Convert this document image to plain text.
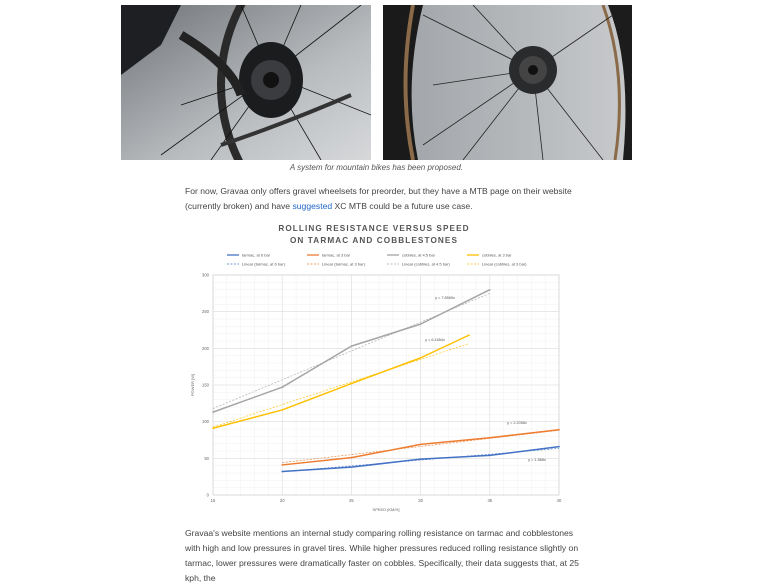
A system for mountain bikes has been proposed.

For now, Gravaa only offers gravel wheelsets for preorder, but they have a MTB page on their website (currently broken) and have suggested XC MTB could be a future use case.

ROLLING RESISTANCE VERSUS SPEED
ON TARMAC AND COBBLESTONES
0
50
100
150
200
250
300
15	20	25	30	35	40
SPEED [KM/H]
POWER [W]
y = 1.588x
y = 2.2058x
y = 7.8569x
y = 6.1654x
tarmac, at 6 bar	tarmac, at 3 bar	cobbles, at 4.5 bar	cobbles, at 3 bar
Linear (tarmac, at 6 bar)	Linear (tarmac, at 3 bar)	Linear (cobbles, at 4.5 bar)	Linear (cobbles, at 3 bar)

Gravaa's website mentions an internal study comparing rolling resistance on tarmac and cobblestones with high and low pressures in gravel tires. While higher pressures reduced rolling resistance slightly on tarmac, lower pressures were dramatically faster on cobbles. Specifically, their data suggests that, at 25 kph, the
